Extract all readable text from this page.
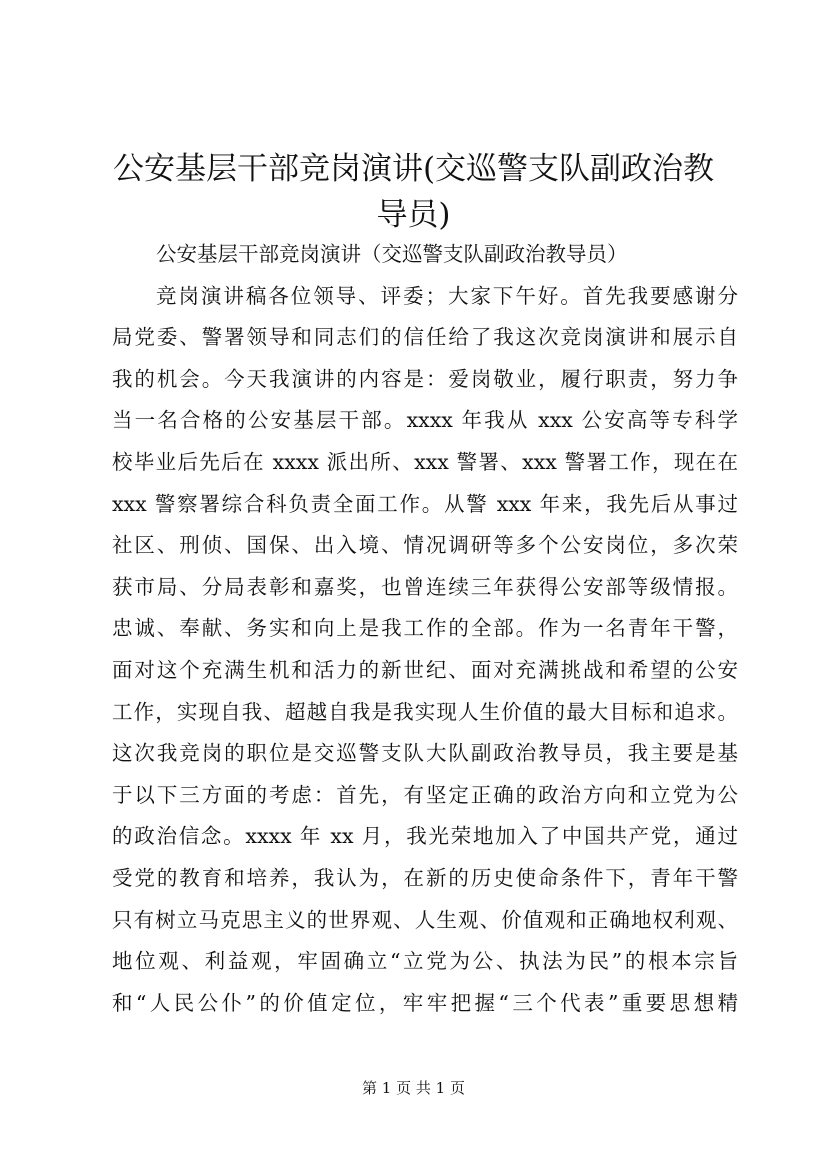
公安基层干部竞岗演讲(交巡警支队副政治教
导员)
公安基层干部竞岗演讲（交巡警支队副政治教导员）
竞岗演讲稿各位领导、评委；大家下午好。首先我要感谢分
局党委、警署领导和同志们的信任给了我这次竞岗演讲和展示自
我的机会。今天我演讲的内容是：爱岗敬业，履行职责，努力争
当一名合格的公安基层干部。xxxx 年我从 xxx 公安高等专科学
校毕业后先后在 xxxx 派出所、xxx 警署、xxx 警署工作，现在在
xxx 警察署综合科负责全面工作。从警 xxx 年来，我先后从事过
社区、刑侦、国保、出入境、情况调研等多个公安岗位，多次荣
获市局、分局表彰和嘉奖，也曾连续三年获得公安部等级情报。
忠诚、奉献、务实和向上是我工作的全部。作为一名青年干警，
面对这个充满生机和活力的新世纪、面对充满挑战和希望的公安
工作，实现自我、超越自我是我实现人生价值的最大目标和追求。
这次我竞岗的职位是交巡警支队大队副政治教导员，我主要是基
于以下三方面的考虑：首先，有坚定正确的政治方向和立党为公
的政治信念。xxxx 年 xx 月，我光荣地加入了中国共产党，通过
受党的教育和培养，我认为，在新的历史使命条件下，青年干警
只有树立马克思主义的世界观、人生观、价值观和正确地权利观、
地位观、利益观，牢固确立“立党为公、执法为民”的根本宗旨
和“人民公仆”的价值定位，牢牢把握“三个代表”重要思想精
第 1 页 共 1 页
